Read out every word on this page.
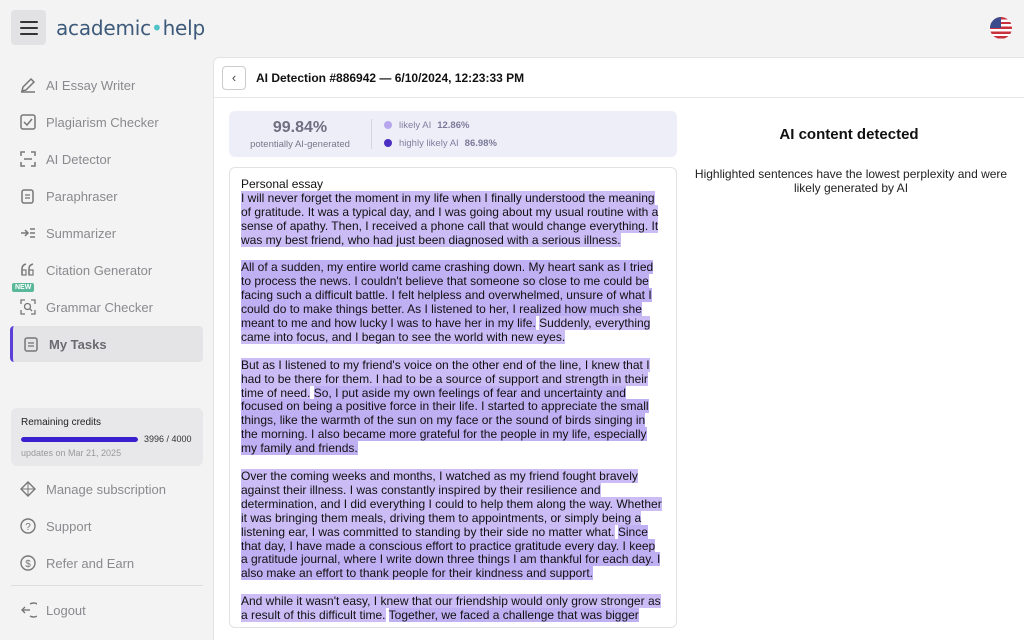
academic•help
AI Essay Writer
Plagiarism Checker
AI Detector
Paraphraser
Summarizer
Citation Generator
NEW
Grammar Checker
My Tasks
Remaining credits
3996 / 4000
updates on Mar 21, 2025
Manage subscription
? Support
$ Refer and Earn
Logout
‹ AI Detection #886942 — 6/10/2024, 12:23:33 PM
99.84%
potentially AI-generated
likely AI 12.86%
highly likely AI 86.98%

Personal essay
I will never forget the moment in my life when I finally understood the meaning of gratitude. It was a typical day, and I was going about my usual routine with a sense of apathy. Then, I received a phone call that would change everything. It was my best friend, who had just been diagnosed with a serious illness.

All of a sudden, my entire world came crashing down. My heart sank as I tried to process the news. I couldn't believe that someone so close to me could be facing such a difficult battle. I felt helpless and overwhelmed, unsure of what I could do to make things better. As I listened to her, I realized how much she meant to me and how lucky I was to have her in my life. Suddenly, everything came into focus, and I began to see the world with new eyes.

But as I listened to my friend's voice on the other end of the line, I knew that I had to be there for them. I had to be a source of support and strength in their time of need. So, I put aside my own feelings of fear and uncertainty and focused on being a positive force in their life. I started to appreciate the small things, like the warmth of the sun on my face or the sound of birds singing in the morning. I also became more grateful for the people in my life, especially my family and friends.

Over the coming weeks and months, I watched as my friend fought bravely against their illness. I was constantly inspired by their resilience and determination, and I did everything I could to help them along the way. Whether it was bringing them meals, driving them to appointments, or simply being a listening ear, I was committed to standing by their side no matter what. Since that day, I have made a conscious effort to practice gratitude every day. I keep a gratitude journal, where I write down three things I am thankful for each day. I also make an effort to thank people for their kindness and support.

And while it wasn't easy, I knew that our friendship would only grow stronger as a result of this difficult time. Together, we faced a challenge that was bigger

AI content detected
Highlighted sentences have the lowest perplexity and were likely generated by AI
